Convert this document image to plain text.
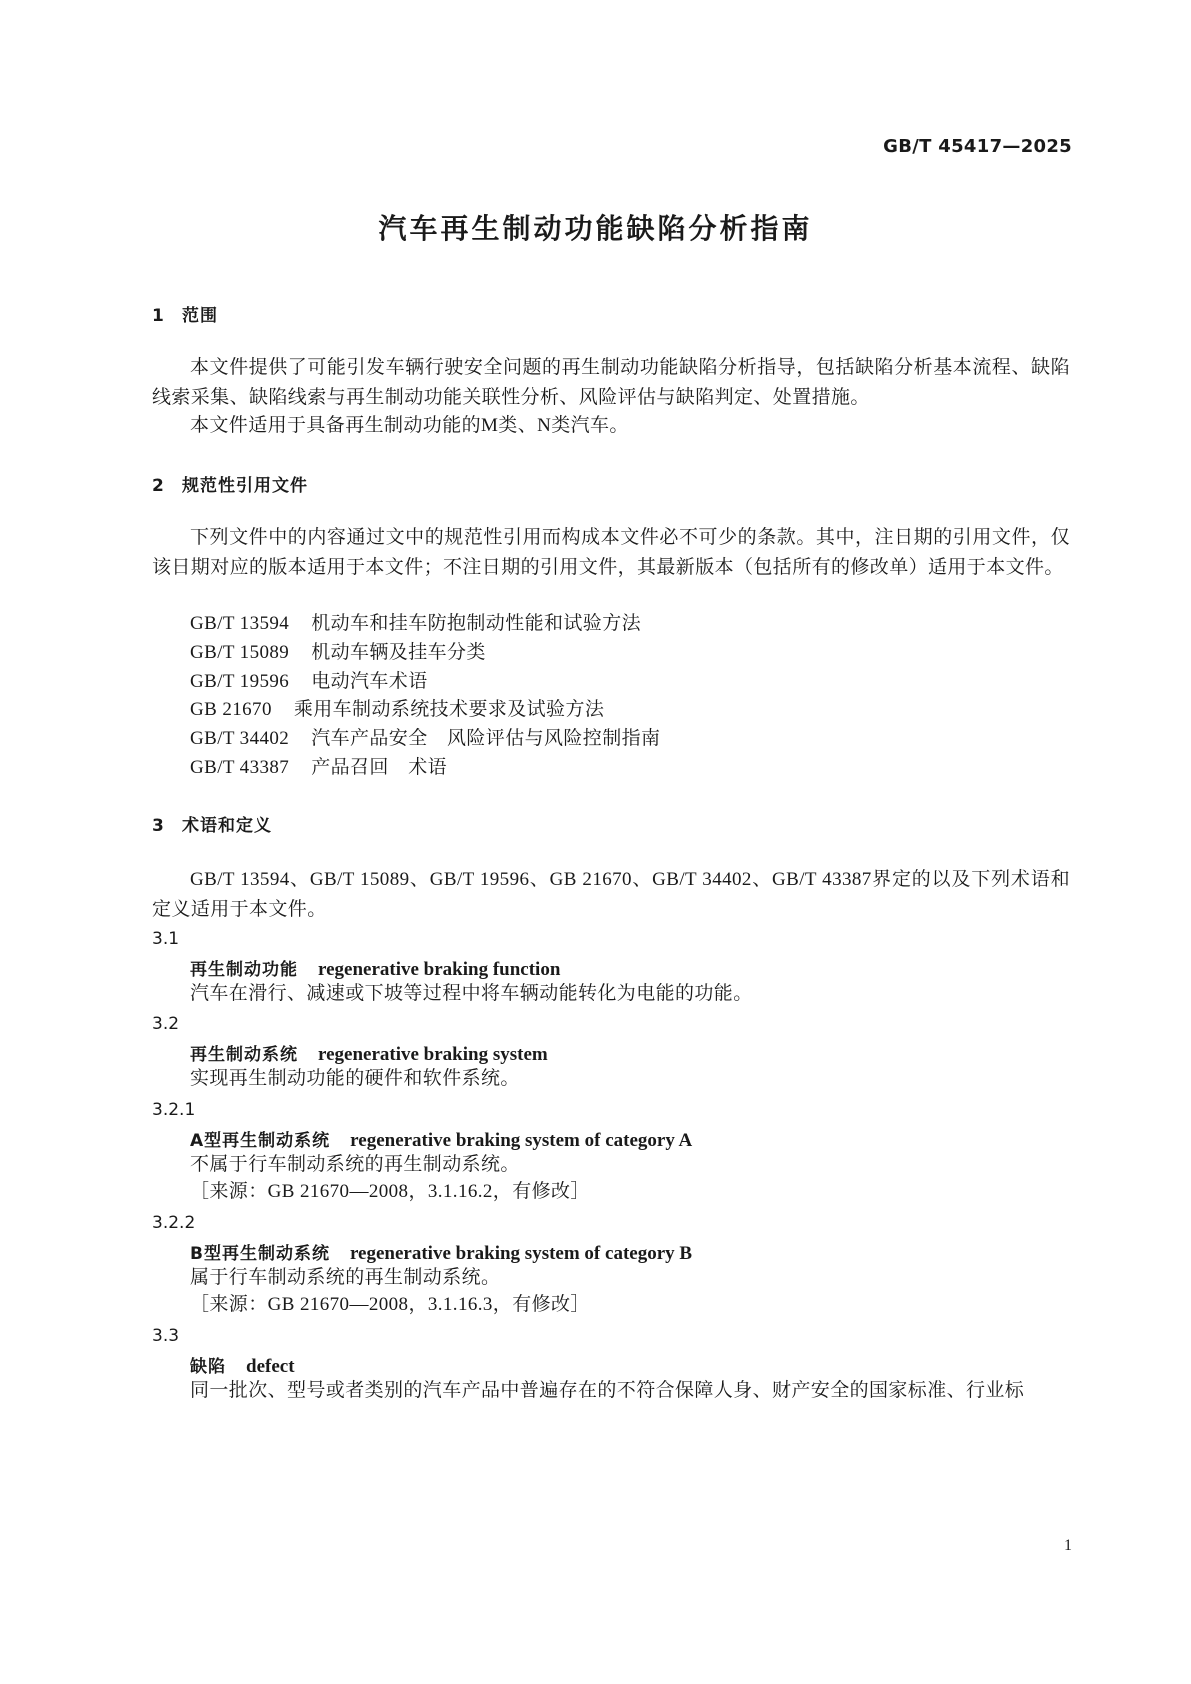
GB/T 45417—2025
汽车再生制动功能缺陷分析指南
1 范围
本文件提供了可能引发车辆行驶安全问题的再生制动功能缺陷分析指导，包括缺陷分析基本流程、缺陷线索采集、缺陷线索与再生制动功能关联性分析、风险评估与缺陷判定、处置措施。
本文件适用于具备再生制动功能的M类、N类汽车。
2 规范性引用文件
下列文件中的内容通过文中的规范性引用而构成本文件必不可少的条款。其中，注日期的引用文件，仅该日期对应的版本适用于本文件；不注日期的引用文件，其最新版本（包括所有的修改单）适用于本文件。
GB/T 13594 机动车和挂车防抱制动性能和试验方法
GB/T 15089 机动车辆及挂车分类
GB/T 19596 电动汽车术语
GB 21670 乘用车制动系统技术要求及试验方法
GB/T 34402 汽车产品安全　风险评估与风险控制指南
GB/T 43387 产品召回　术语
3 术语和定义
GB/T 13594、GB/T 15089、GB/T 19596、GB 21670、GB/T 34402、GB/T 43387界定的以及下列术语和定义适用于本文件。
3.1
再生制动功能 regenerative braking function
汽车在滑行、减速或下坡等过程中将车辆动能转化为电能的功能。
3.2
再生制动系统 regenerative braking system
实现再生制动功能的硬件和软件系统。
3.2.1
A型再生制动系统 regenerative braking system of category A
不属于行车制动系统的再生制动系统。
［来源：GB 21670—2008，3.1.16.2，有修改］
3.2.2
B型再生制动系统 regenerative braking system of category B
属于行车制动系统的再生制动系统。
［来源：GB 21670—2008，3.1.16.3，有修改］
3.3
缺陷 defect
同一批次、型号或者类别的汽车产品中普遍存在的不符合保障人身、财产安全的国家标准、行业标
1
